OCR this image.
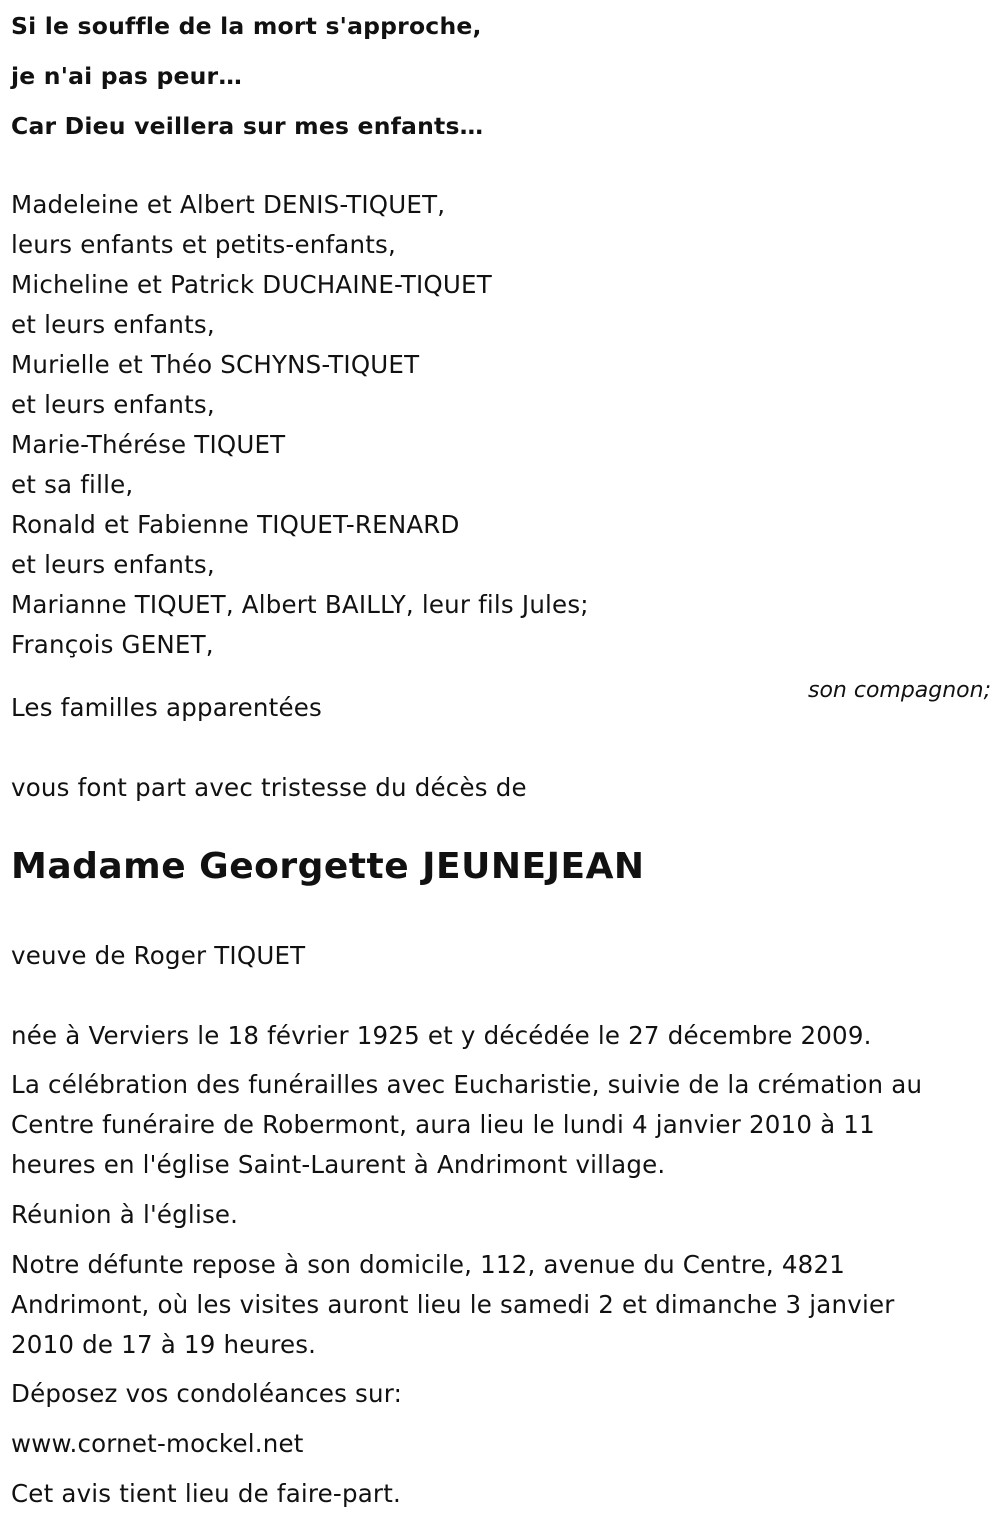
Si le souffle de la mort s'approche,

je n'ai pas peur…

Car Dieu veillera sur mes enfants…

Madeleine et Albert DENIS-TIQUET,

leurs enfants et petits-enfants,

Micheline et Patrick DUCHAINE-TIQUET

et leurs enfants,

Murielle et Théo SCHYNS-TIQUET

et leurs enfants,

Marie-Thérése TIQUET

et sa fille,

Ronald et Fabienne TIQUET-RENARD

et leurs enfants,

Marianne TIQUET, Albert BAILLY, leur fils Jules;

François GENET,

son compagnon;

Les familles apparentées

vous font part avec tristesse du décès de

Madame Georgette JEUNEJEAN

veuve de Roger TIQUET

née à Verviers le 18 février 1925 et y décédée le 27 décembre 2009.

La célébration des funérailles avec Eucharistie, suivie de la crémation au

Centre funéraire de Robermont, aura lieu le lundi 4 janvier 2010 à 11

heures en l'église Saint-Laurent à Andrimont village.

Réunion à l'église.

Notre défunte repose à son domicile, 112, avenue du Centre, 4821

Andrimont, où les visites auront lieu le samedi 2 et dimanche 3 janvier

2010 de 17 à 19 heures.

Déposez vos condoléances sur:

www.cornet-mockel.net

Cet avis tient lieu de faire-part.
